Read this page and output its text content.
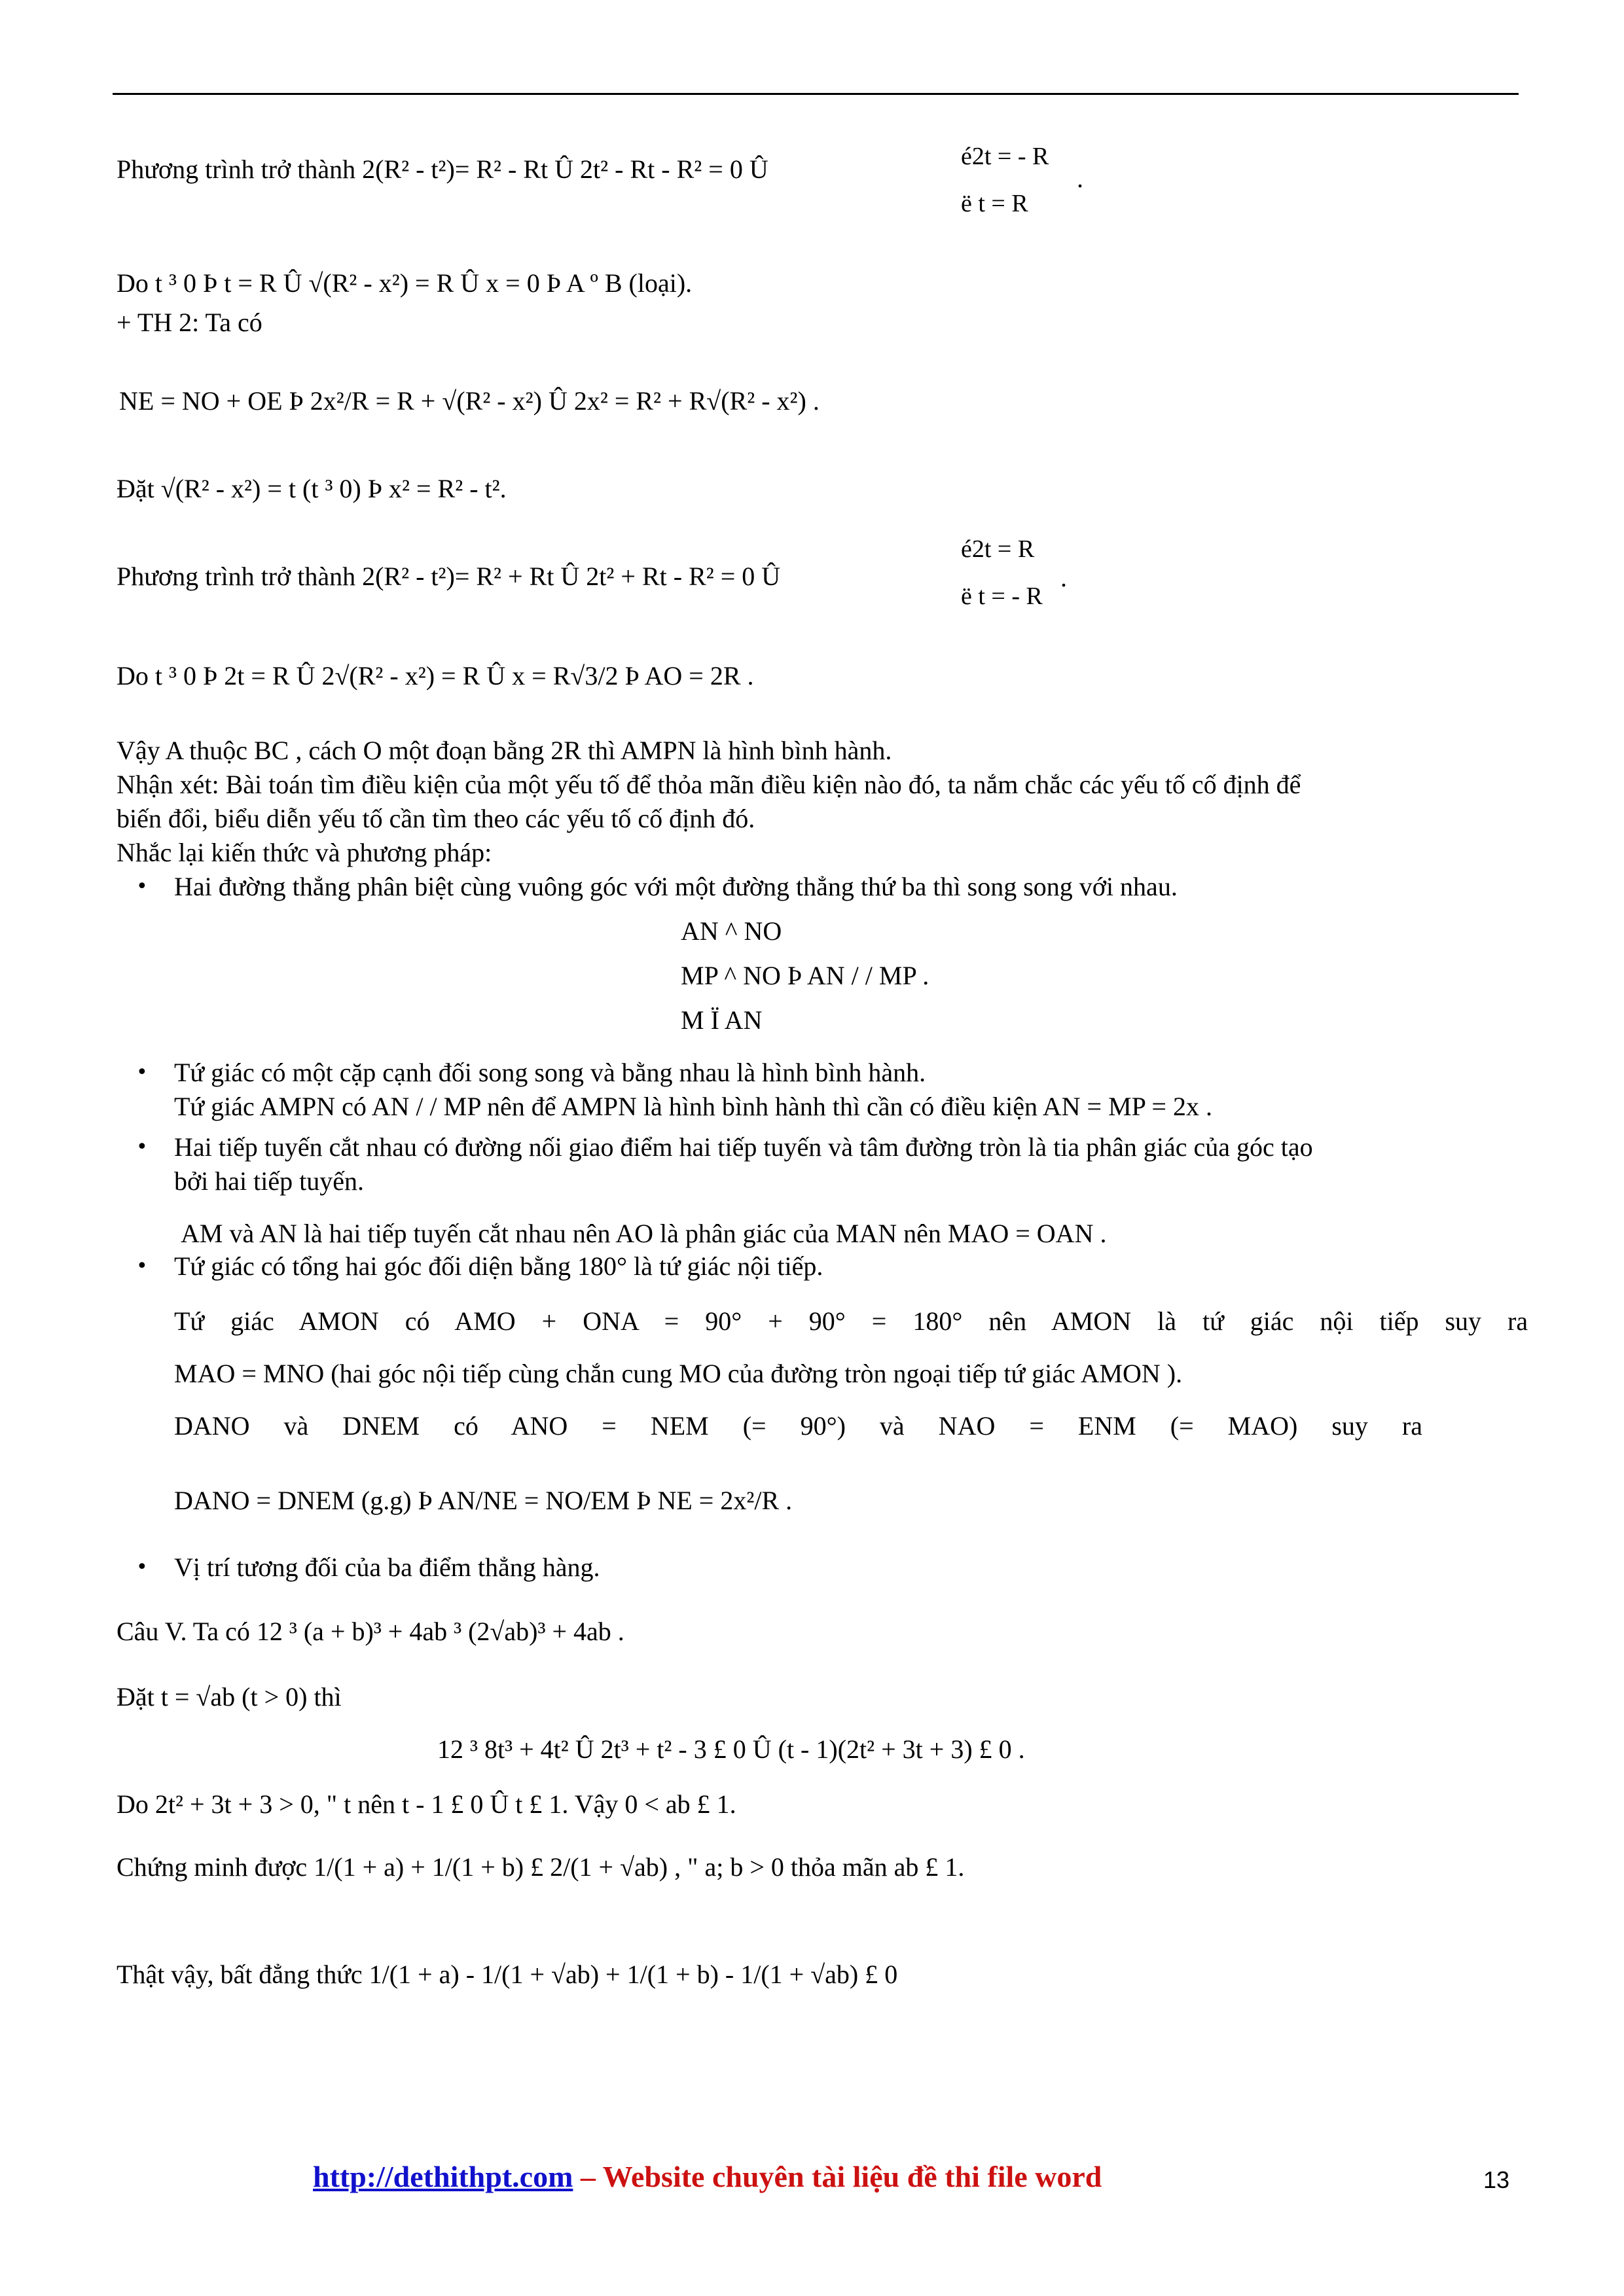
Phương trình trở thành 2(R² - t²)= R² - Rt Û 2t² - Rt - R² = 0 Û	é2t = - R
ë t = R
.
Do t ³ 0 Þ t = R Û √(R² - x²) = R Û x = 0 Þ A º B (loại).
+ TH 2: Ta có
NE = NO + OE Þ 2x²/R = R + √(R² - x²) Û 2x² = R² + R√(R² - x²) .
Đặt √(R² - x²) = t (t ³ 0) Þ x² = R² - t².
Phương trình trở thành 2(R² - t²)= R² + Rt Û 2t² + Rt - R² = 0 Û
é2t = R
ë t = - R
.
Do t ³ 0 Þ 2t = R Û 2√(R² - x²) = R Û x = R√3/2 Þ AO = 2R .
Vậy A thuộc BC , cách O một đoạn bằng 2R thì AMPN là hình bình hành.
Nhận xét: Bài toán tìm điều kiện của một yếu tố để thỏa mãn điều kiện nào đó, ta nắm chắc các yếu tố cố định để
biến đổi, biểu diễn yếu tố cần tìm theo các yếu tố cố định đó.
Nhắc lại kiến thức và phương pháp:
• Hai đường thẳng phân biệt cùng vuông góc với một đường thẳng thứ ba thì song song với nhau.
AN ^ NO
MP ^ NO Þ AN / / MP .
M Ï AN
• Tứ giác có một cặp cạnh đối song song và bằng nhau là hình bình hành.
Tứ giác AMPN có AN / / MP nên để AMPN là hình bình hành thì cần có điều kiện AN = MP = 2x .
• Hai tiếp tuyến cắt nhau có đường nối giao điểm hai tiếp tuyến và tâm đường tròn là tia phân giác của góc tạo
bởi hai tiếp tuyến.
AM và AN là hai tiếp tuyến cắt nhau nên AO là phân giác của MAN nên MAO = OAN .
• Tứ giác có tổng hai góc đối diện bằng 180° là tứ giác nội tiếp.
Tứ giác AMON có AMO + ONA = 90° + 90° = 180° nên AMON là tứ giác nội tiếp suy ra
MAO = MNO (hai góc nội tiếp cùng chắn cung MO của đường tròn ngoại tiếp tứ giác AMON ).
DANO và DNEM có ANO = NEM (= 90°) và NAO = ENM (= MAO) suy ra
DANO = DNEM (g.g) Þ AN/NE = NO/EM Þ NE = 2x²/R .
• Vị trí tương đối của ba điểm thẳng hàng.
Câu V. Ta có 12 ³ (a + b)³ + 4ab ³ (2√ab)³ + 4ab .
Đặt t = √ab (t > 0) thì
12 ³ 8t³ + 4t² Û 2t³ + t² - 3 £ 0 Û (t - 1)(2t² + 3t + 3) £ 0 .
Do 2t² + 3t + 3 > 0, " t nên t - 1 £ 0 Û t £ 1. Vậy 0 < ab £ 1.
Chứng minh được 1/(1 + a) + 1/(1 + b) £ 2/(1 + √ab) , " a; b > 0 thỏa mãn ab £ 1.
Thật vậy, bất đẳng thức 1/(1 + a) - 1/(1 + √ab) + 1/(1 + b) - 1/(1 + √ab) £ 0
http://dethithpt.com – Website chuyên tài liệu đề thi file word	13
